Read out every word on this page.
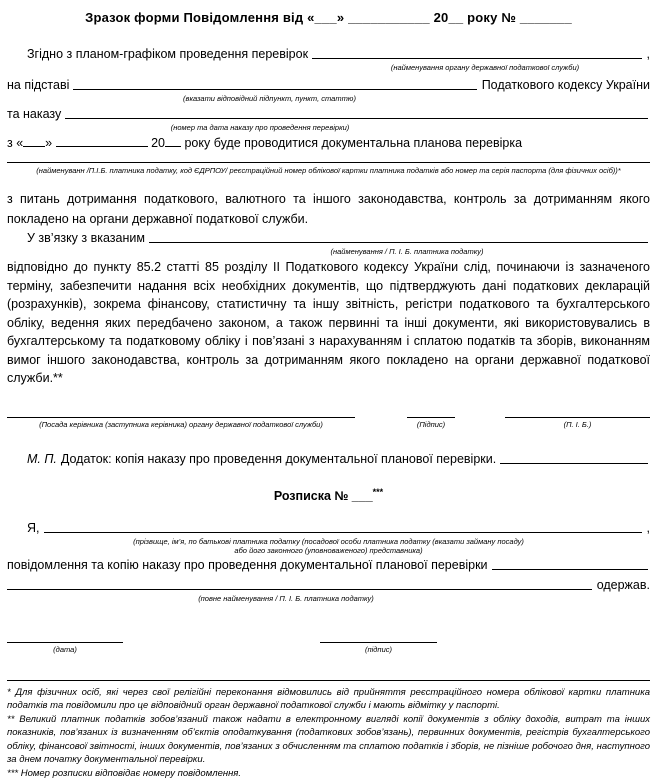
Зразок форми Повідомлення від «___» ___________ 20__ року № _______
Згідно з планом-графіком проведення перевірок	,
(найменування органу державної податкової служби)
на підставі	Податкового кодексу України
(вказати відповідний підпункт, пункт, статтю)
та наказу
(номер та дата наказу про проведення перевірки)
з « »	20 року буде проводитися документальна планова перевірка
(найменуванн /П.І.Б. платника податку, код ЄДРПОУ/ реєстраційний номер облікової картки платника податків або номер та серія паспорта (для фізичних осіб))*
з питань дотримання податкового, валютного та іншого законодавства, контроль за дотриманням якого покладено на органи державної податкової служби.
У зв’язку з вказаним
(найменування / П. І. Б. платника податку)
відповідно до пункту 85.2 статті 85 розділу II Податкового кодексу України слід, починаючи із зазначеного терміну, забезпечити надання всіх необхідних документів, що підтверджують дані податкових декларацій (розрахунків), зокрема фінансову, статистичну та іншу звітність, регістри податкового та бухгалтерського обліку, ведення яких передбачено законом, а також первинні та інші документи, які використовувались в бухгалтерському та податковому обліку і пов’язані з нарахуванням і сплатою податків та зборів, виконанням вимог іншого законодавства, контроль за дотриманням якого покладено на органи державної податкової служби.**
(Посада керівника (заступника керівника) органу державної податкової служби)	(Підпис)	(П. І. Б.)
М. П. Додаток: копія наказу про проведення документальної планової перевірки.
Розписка № ___***
Я,	,
(прізвище, ім’я, по батькові платника податку (посадової особи платника податку (вказати займану посаду)
або його законного (уповноваженого) представника)
повідомлення та копію наказу про проведення документальної планової перевірки
одержав.
(повне найменування / П. І. Б. платника податку)
(дата)	(підпис)
* Для фізичних осіб, які через свої релігійні переконання відмовились від прийняття реєстраційного номера облікової картки платника податків та повідомили про це відповідний орган державної податкової служби і мають відмітку у паспорті.
** Великий платник податків зобов’язаний також надати в електронному вигляді копії документів з обліку доходів, витрат та інших показників, пов’язаних із визначенням об’єктів оподаткування (податкових зобов’язань), первинних документів, регістрів бухгалтерського обліку, фінансової звітності, інших документів, пов’язаних з обчисленням та сплатою податків і зборів, не пізніше робочого дня, наступного за днем початку документальної перевірки.
*** Номер розписки відповідає номеру повідомлення.
